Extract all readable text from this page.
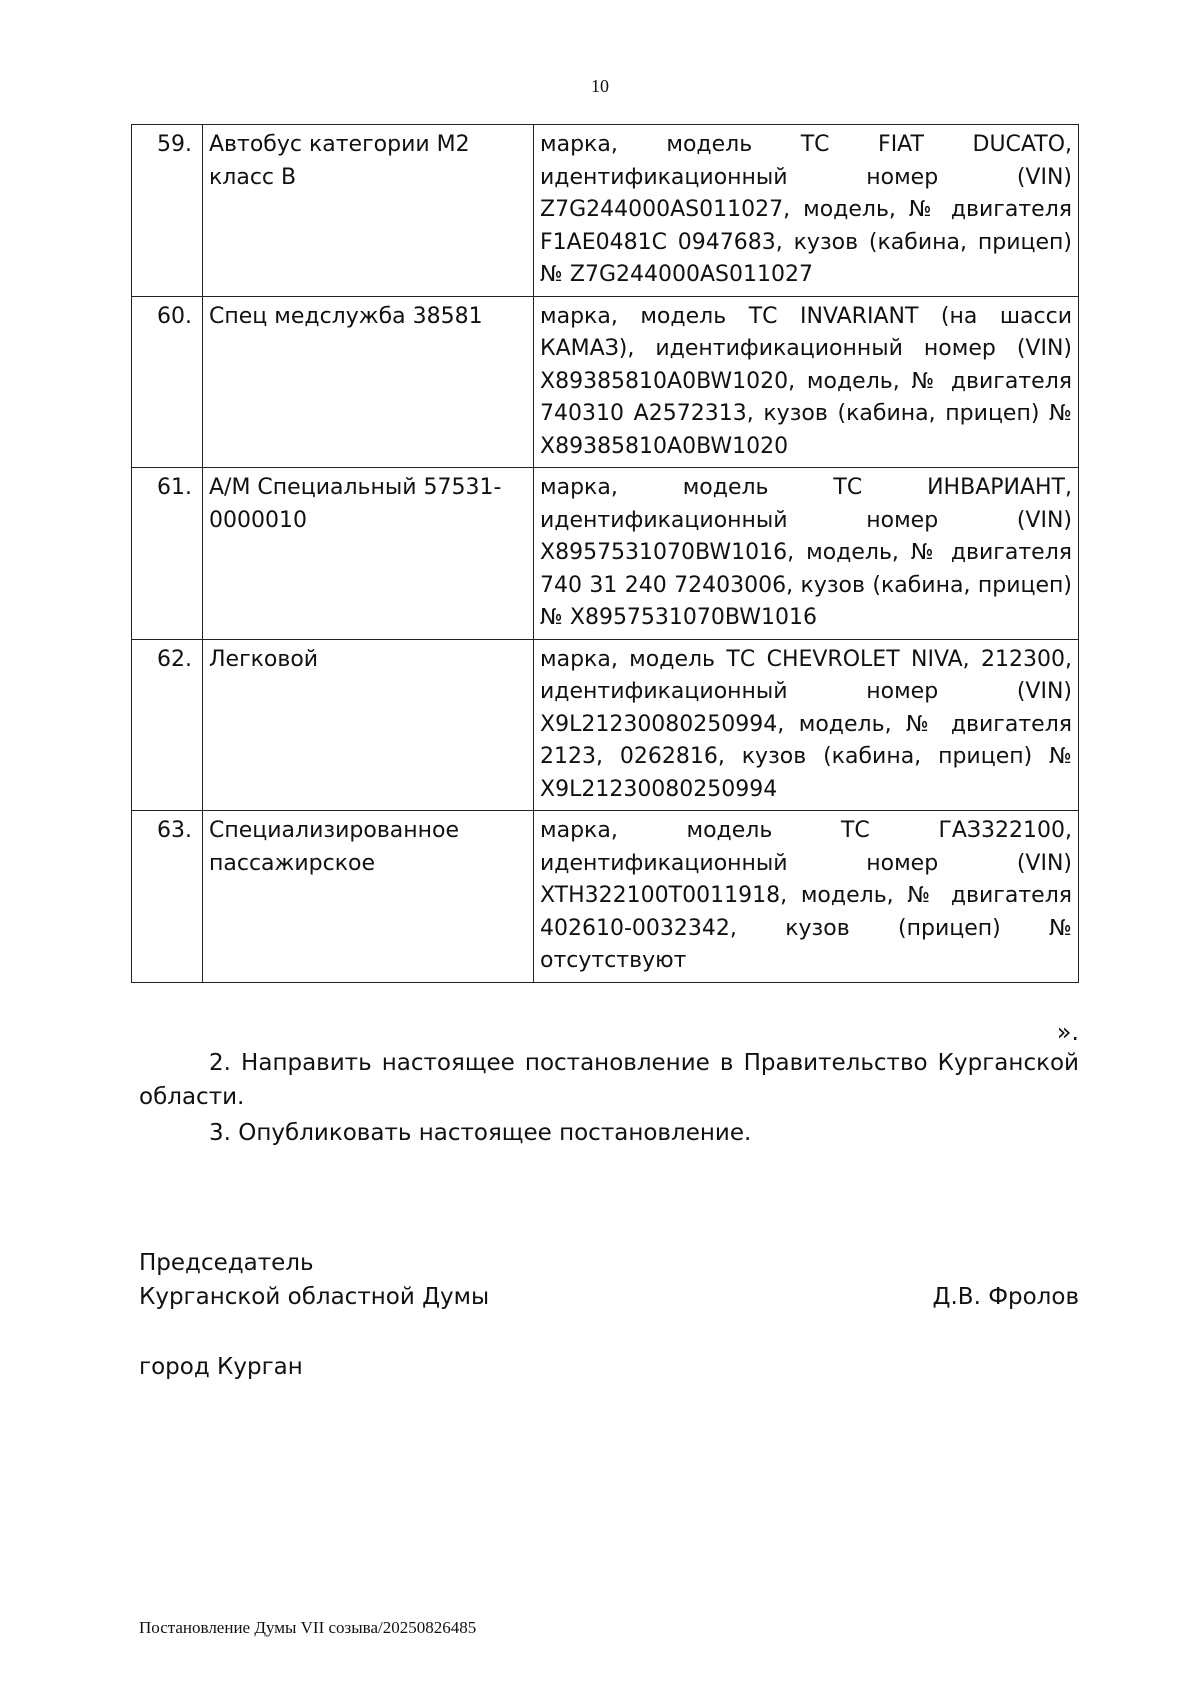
10
59.	Автобус категории М2 класс В	марка, модель ТС FIAT DUCATO, идентификационный номер (VIN) Z7G244000AS011027, модель, № двигателя F1AE0481C 0947683, кузов (кабина, прицеп) № Z7G244000AS011027
60.	Спец медслужба 38581	марка, модель ТС INVARIANT (на шасси КАМАЗ), идентификационный номер (VIN) X89385810A0BW1020, модель, № двигателя 740310 A2572313, кузов (кабина, прицеп) № X89385810A0BW1020
61.	А/М Специальный 57531-0000010	марка, модель ТС ИНВАРИАНТ, идентификационный номер (VIN) X8957531070BW1016, модель, № двигателя 740 31 240 72403006, кузов (кабина, прицеп) № X8957531070BW1016
62.	Легковой	марка, модель ТС CHEVROLET NIVA, 212300, идентификационный номер (VIN) X9L21230080250994, модель, № двигателя 2123, 0262816, кузов (кабина, прицеп) № X9L21230080250994
63.	Специализированное пассажирское	марка, модель ТС ГАЗ322100, идентификационный номер (VIN) XTH322100T0011918, модель, № двигателя 402610-0032342, кузов (прицеп) № отсутствуют
».
2. Направить настоящее постановление в Правительство Курганской области.
3. Опубликовать настоящее постановление.
Председатель
Курганской областной Думы	Д.В. Фролов
город Курган
Постановление Думы VII созыва/20250826485
